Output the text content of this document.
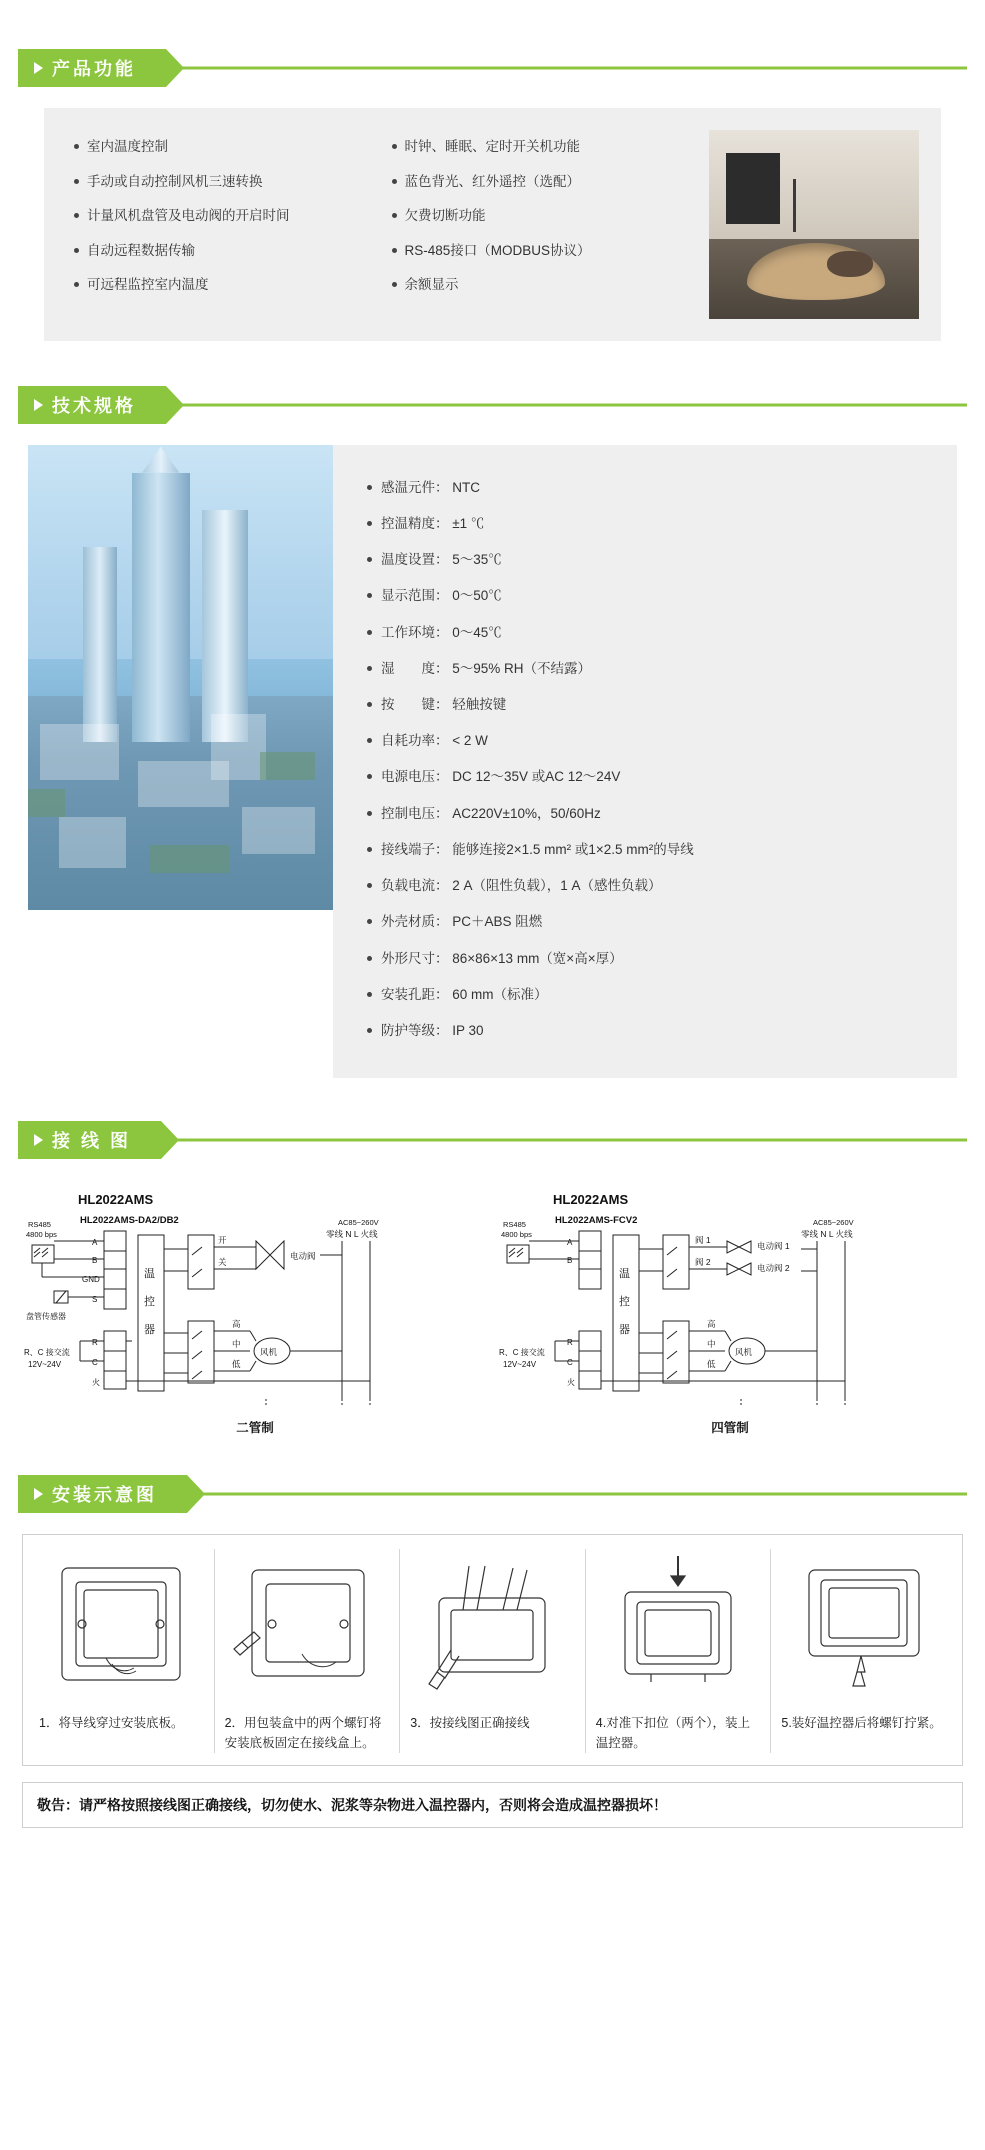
产品功能
室内温度控制
手动或自动控制风机三速转换
计量风机盘管及电动阀的开启时间
自动远程数据传输
可远程监控室内温度
时钟、睡眠、定时开关机功能
蓝色背光、红外遥控（选配）
欠费切断功能
RS-485接口（MODBUS协议）
余额显示
技术规格
感温元件： NTC
控温精度： ±1 ℃
温度设置： 5～35℃
显示范围： 0～50℃
工作环境： 0～45℃
湿　　度： 5～95% RH（不结露）
按　　键： 轻触按键
自耗功率： < 2 W
电源电压： DC 12～35V 或AC 12～24V
控制电压： AC220V±10%，50/60Hz
接线端子： 能够连接2×1.5 mm² 或1×2.5 mm²的导线
负载电流： 2 A（阻性负载），1 A（感性负载）
外壳材质： PC＋ABS 阻燃
外形尺寸： 86×86×13 mm（宽×高×厚）
安装孔距： 60 mm（标准）
防护等级： IP 30
接 线 图
HL2022AMS
HL2022AMS-DA2/DB2
RS485
4800 bps
A
B
GND
S
盘管传感器
R、C 接交流
12V~24V
R
C
火
温
控
器
开
关
电动阀
高
中
低
风机
AC85~260V
零线 N L 火线
二管制
HL2022AMS
HL2022AMS-FCV2
RS485
4800 bps
A
B
R、C 接交流
12V~24V
R
C
火
温
控
器
阀 1
阀 2
电动阀 1
电动阀 2
高
中
低
风机
AC85~260V
零线 N L 火线
四管制
安装示意图
1．将导线穿过安装底板。	2．用包装盒中的两个螺钉将安装底板固定在接线盒上。
3．按接线图正确接线	4.对准下扣位（两个），装上温控器。
5.装好温控器后将螺钉拧紧。
敬告：请严格按照接线图正确接线，切勿使水、泥浆等杂物进入温控器内，否则将会造成温控器损坏！
